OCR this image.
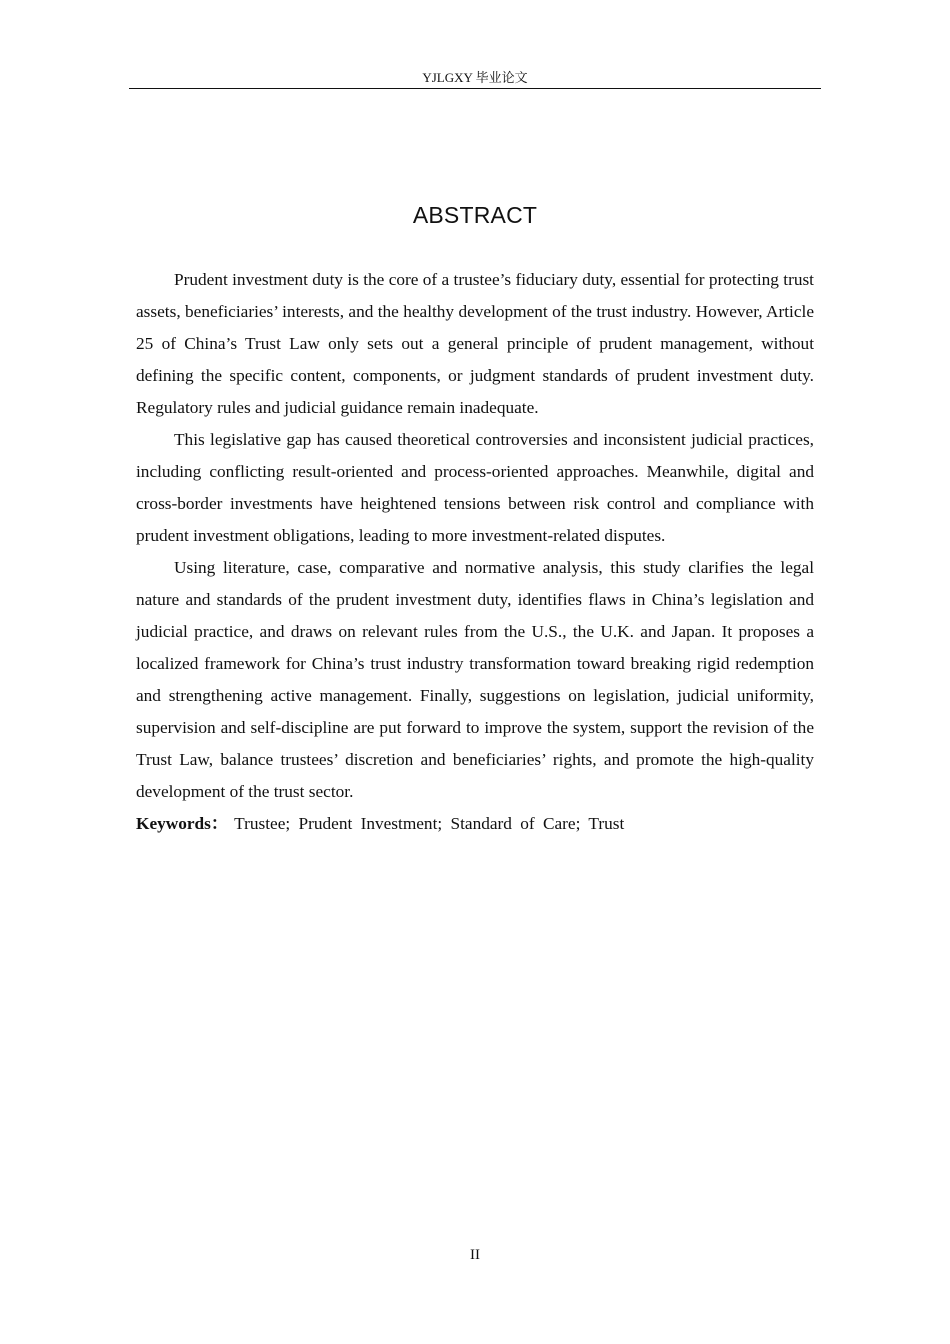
YJLGXY 毕业论文
ABSTRACT

Prudent investment duty is the core of a trustee’s fiduciary duty, essential for protecting trust assets, beneficiaries’ interests, and the healthy development of the trust industry. However, Article 25 of China’s Trust Law only sets out a general principle of prudent management, without defining the specific content, components, or judgment standards of prudent investment duty. Regulatory rules and judicial guidance remain inadequate.

This legislative gap has caused theoretical controversies and inconsistent judicial practices, including conflicting result-oriented and process-oriented approaches. Meanwhile, digital and cross-border investments have heightened tensions between risk control and compliance with prudent investment obligations, leading to more investment-related disputes.

Using literature, case, comparative and normative analysis, this study clarifies the legal nature and standards of the prudent investment duty, identifies flaws in China’s legislation and judicial practice, and draws on relevant rules from the U.S., the U.K. and Japan. It proposes a localized framework for China’s trust industry transformation toward breaking rigid redemption and strengthening active management. Finally, suggestions on legislation, judicial uniformity, supervision and self-discipline are put forward to improve the system, support the revision of the Trust Law, balance trustees’ discretion and beneficiaries’ rights, and promote the high-quality development of the trust sector.

Keywords： Trustee; Prudent Investment; Standard of Care; Trust

II
